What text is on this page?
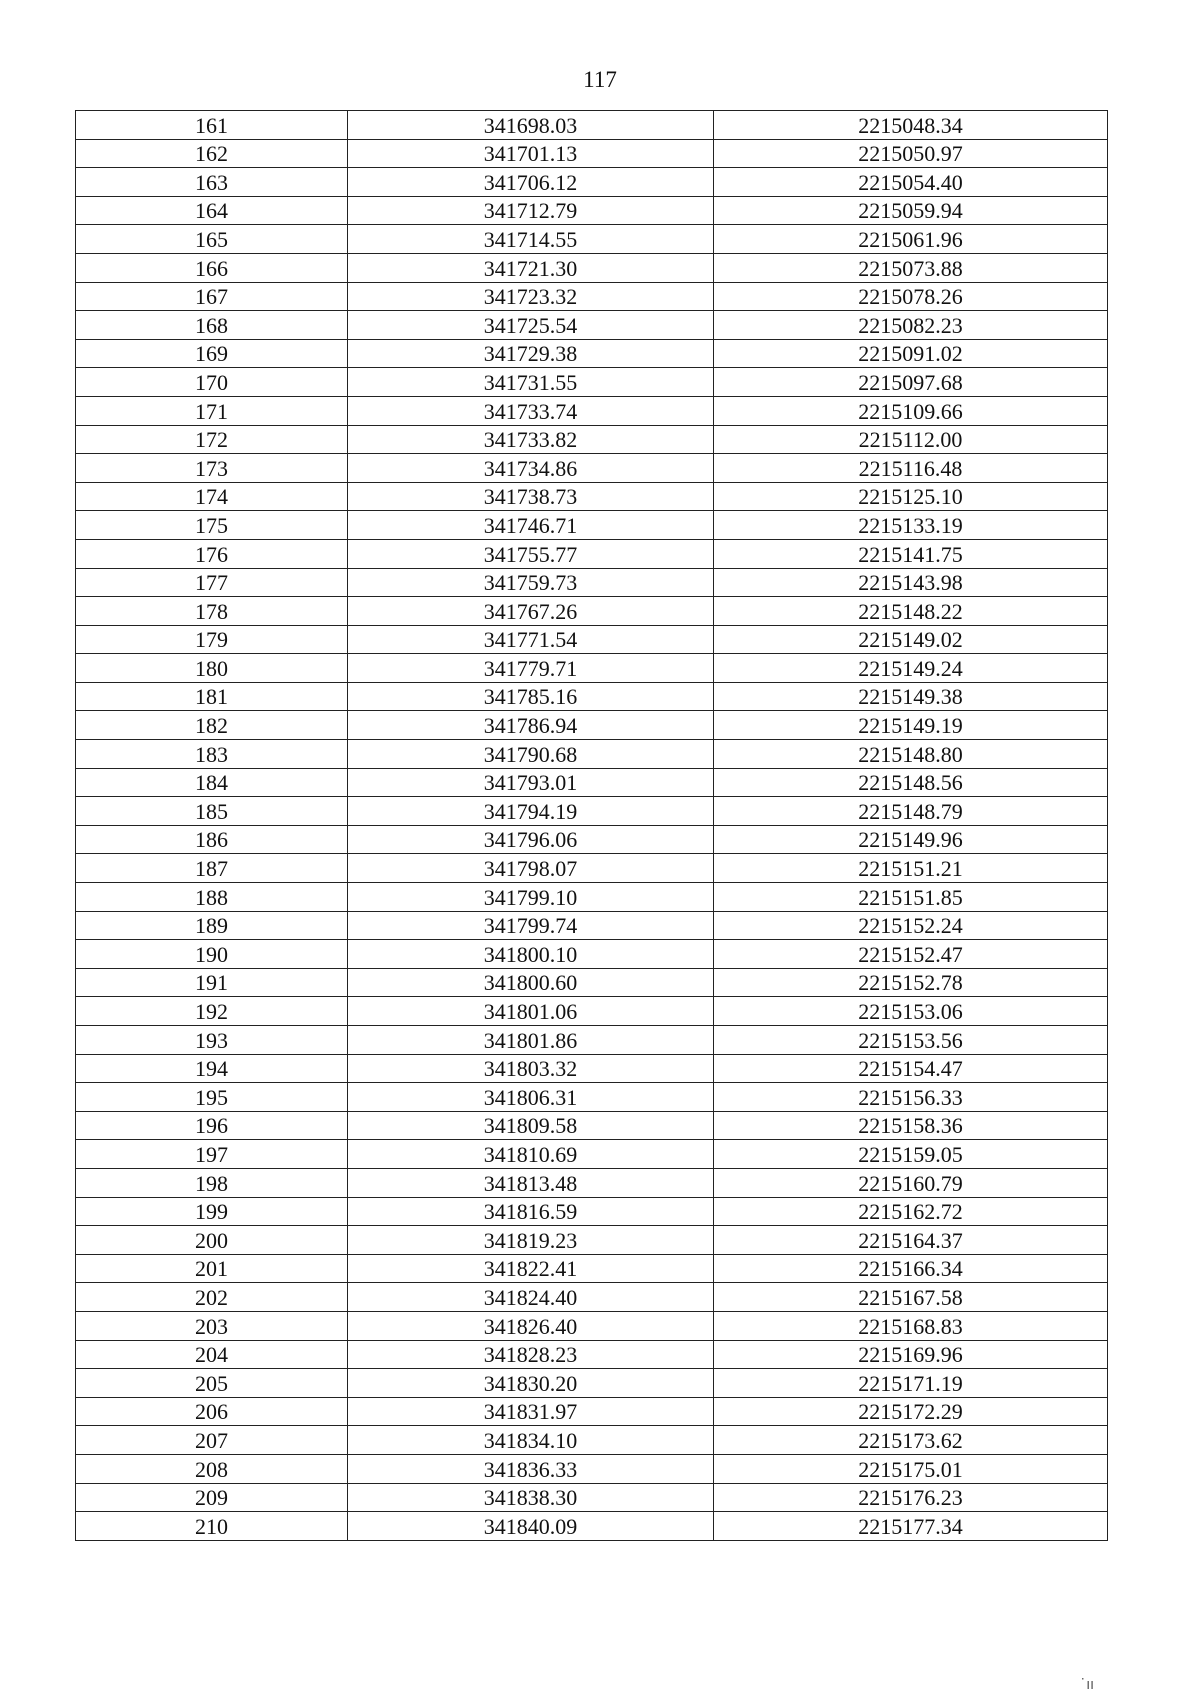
117
161	341698.03	2215048.34
162	341701.13	2215050.97
163	341706.12	2215054.40
164	341712.79	2215059.94
165	341714.55	2215061.96
166	341721.30	2215073.88
167	341723.32	2215078.26
168	341725.54	2215082.23
169	341729.38	2215091.02
170	341731.55	2215097.68
171	341733.74	2215109.66
172	341733.82	2215112.00
173	341734.86	2215116.48
174	341738.73	2215125.10
175	341746.71	2215133.19
176	341755.77	2215141.75
177	341759.73	2215143.98
178	341767.26	2215148.22
179	341771.54	2215149.02
180	341779.71	2215149.24
181	341785.16	2215149.38
182	341786.94	2215149.19
183	341790.68	2215148.80
184	341793.01	2215148.56
185	341794.19	2215148.79
186	341796.06	2215149.96
187	341798.07	2215151.21
188	341799.10	2215151.85
189	341799.74	2215152.24
190	341800.10	2215152.47
191	341800.60	2215152.78
192	341801.06	2215153.06
193	341801.86	2215153.56
194	341803.32	2215154.47
195	341806.31	2215156.33
196	341809.58	2215158.36
197	341810.69	2215159.05
198	341813.48	2215160.79
199	341816.59	2215162.72
200	341819.23	2215164.37
201	341822.41	2215166.34
202	341824.40	2215167.58
203	341826.40	2215168.83
204	341828.23	2215169.96
205	341830.20	2215171.19
206	341831.97	2215172.29
207	341834.10	2215173.62
208	341836.33	2215175.01
209	341838.30	2215176.23
210	341840.09	2215177.34
˙ıı
